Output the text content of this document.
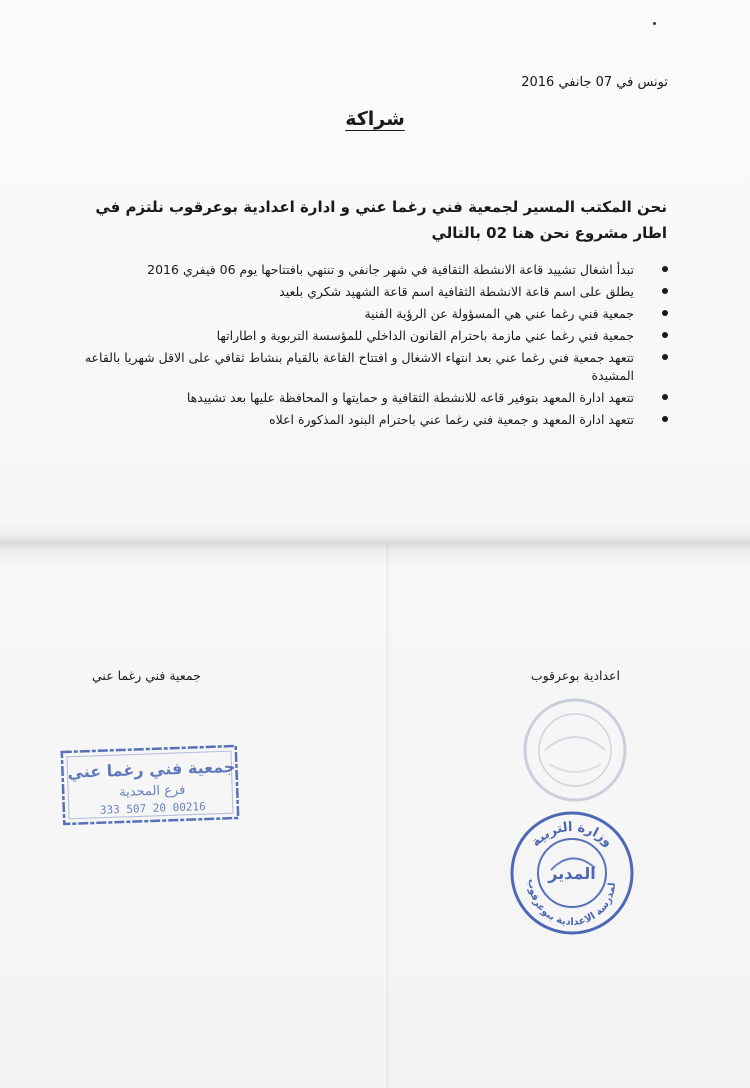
تونس في 07 جانفي 2016
شراكة
نحن المكتب المسير لجمعية فني رغما عني و ادارة اعدادية بوعرقوب نلتزم في اطار مشروع نحن هنا 02 بالتالي
تبدأ اشغال تشييد قاعة الانشطة الثقافية في شهر جانفي و تنتهي بافتتاحها يوم 06 فيفري 2016
يطلق على اسم قاعة الانشطة الثقافية اسم قاعة الشهيد شكري بلعيد
جمعية فني رغما عني هي المسؤولة عن الرؤية الفنية
جمعية فني رغما عني مازمة باحترام القانون الداخلي للمؤسسة التربوية و اطاراتها
تتعهد جمعية فني رغما عني بعد انتهاء الاشغال و افتتاح القاعة بالقيام بنشاط ثقافي على الاقل شهريا بالقاعه المشيدة
تتعهد ادارة المعهد بتوفير قاعه للانشطة الثقافية و حمايتها و المحافظة عليها بعد تشييدها
تتعهد ادارة المعهد و جمعية فني رغما عني باحترام البنود المذكورة اعلاه
جمعية فني رغما عني	اعدادية بوعرقوب
جمعية فني رغما عني
فرع المحدية
00216 20 507 333
وزارة التربية
لمدرسة الاعدادية ببوعرقوب
المدير
